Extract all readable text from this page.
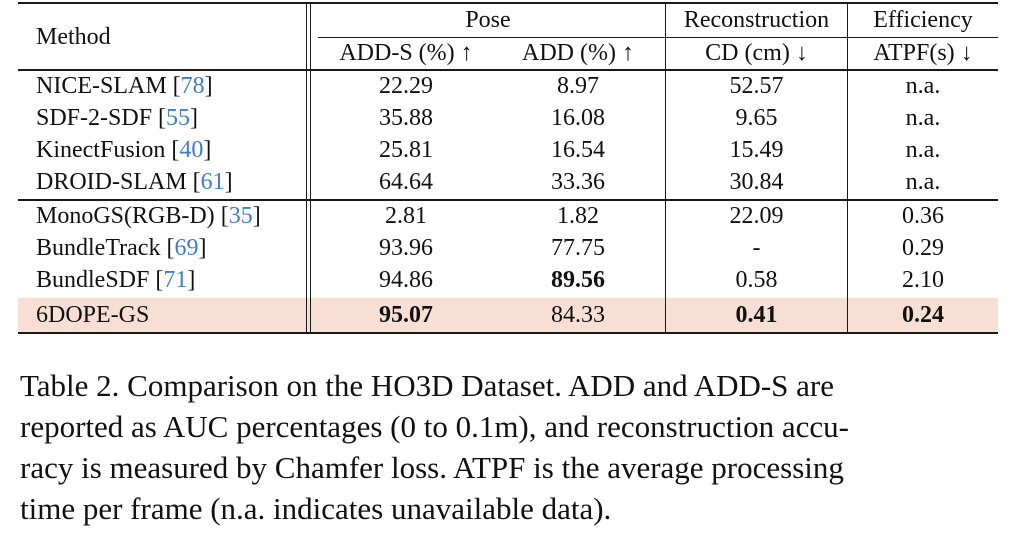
Method
Pose	Reconstruction	Efficiency
ADD-S (%) ↑	ADD (%) ↑	CD (cm) ↓	ATPF(s) ↓
NICE-SLAM [78]	22.29	8.97	52.57	n.a.
SDF-2-SDF [55]	35.88	16.08	9.65	n.a.
KinectFusion [40]	25.81	16.54	15.49	n.a.
DROID-SLAM [61]	64.64	33.36	30.84	n.a.
MonoGS(RGB-D) [35]	2.81	1.82	22.09	0.36
BundleTrack [69]	93.96	77.75	-	0.29
BundleSDF [71]	94.86	89.56	0.58	2.10
6DOPE-GS	95.07	84.33	0.41	0.24
Table 2. Comparison on the HO3D Dataset. ADD and ADD-S are
reported as AUC percentages (0 to 0.1m), and reconstruction accu-
racy is measured by Chamfer loss. ATPF is the average processing
time per frame (n.a. indicates unavailable data).
